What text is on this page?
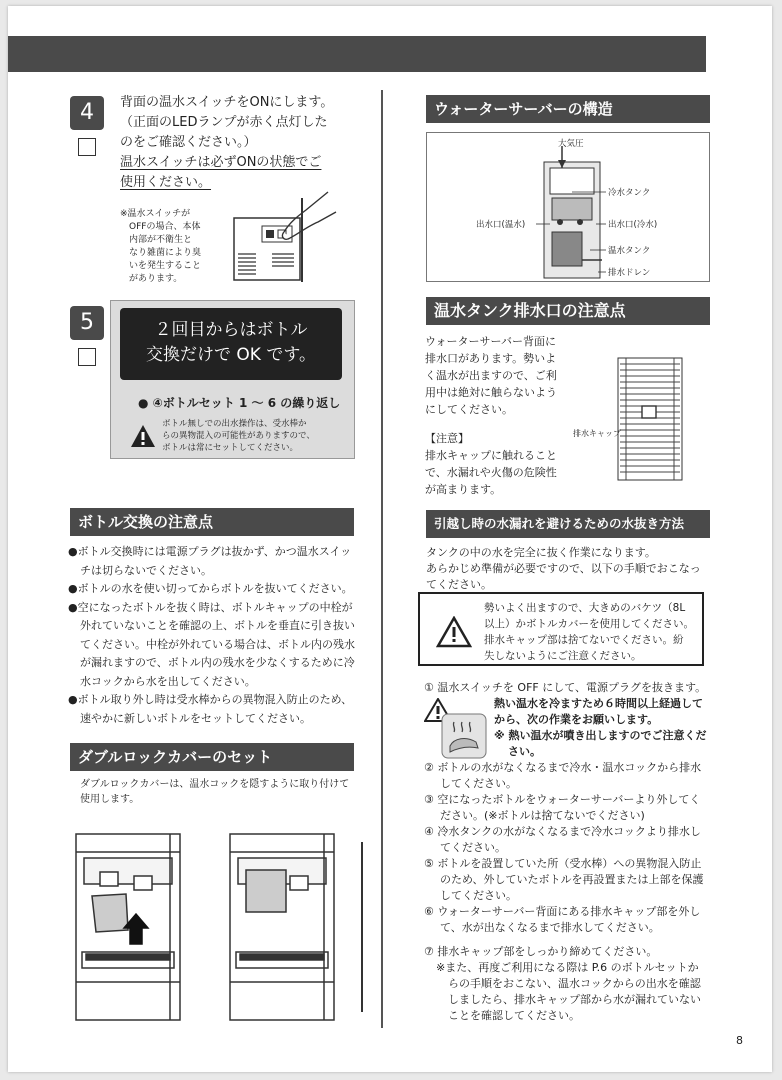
4	背面の温水スイッチをONにします。
（正面のLEDランプが赤く点灯した
のをご確認ください。）
温水スイッチは必ずONの状態でご
使用ください。
※温水スイッチが
OFFの場合、本体
内部が不衛生と
なり雑菌により臭
いを発生すること
があります。
5	２回目からはボトル
交換だけで OK です。
● ④ボトルセット 1 〜 6 の繰り返し
ボトル無しでの出水操作は、受水棒か
らの異物混入の可能性がありますので、
ボトルは常にセットしてください。
ボトル交換の注意点
●ボトル交換時には電源プラグは抜かず、かつ温水スイッ
チは切らないでください。
●ボトルの水を使い切ってからボトルを抜いてください。
●空になったボトルを抜く時は、ボトルキャップの中栓が
外れていないことを確認の上、ボトルを垂直に引き抜い
てください。中栓が外れている場合は、ボトル内の残水
が漏れますので、ボトル内の残水を少なくするために冷
水コックから水を出してください。
●ボトル取り外し時は受水棒からの異物混入防止のため、
速やかに新しいボトルをセットしてください。
ダブルロックカバーのセット
ダブルロックカバーは、温水コックを隠すように取り付けて
使用します。
ウォーターサーバーの構造
大気圧
冷水タンク
出水口(温水)	出水口(冷水)
温水タンク
排水ドレン
温水タンク排水口の注意点
ウォーターサーバー背面に
排水口があります。勢いよ
く温水が出ますので、ご利
用中は絶対に触らないよう
にしてください。
【注意】
排水キャップに触れること
で、水漏れや火傷の危険性
が高まります。
排水キャップ
引越し時の水漏れを避けるための水抜き方法
タンクの中の水を完全に抜く作業になります。
あらかじめ準備が必要ですので、以下の手順でおこなっ
てください。
勢いよく出ますので、大きめのバケツ（8L
以上）かボトルカバーを使用してください。
排水キャップ部は捨てないでください。紛
失しないようにご注意ください。
① 温水スイッチを OFF にして、電源プラグを抜きます。
熱い温水を冷ますため６時間以上経過して
から、次の作業をお願いします。
※ 熱い温水が噴き出しますのでご注意くだ
さい。
② ボトルの水がなくなるまで冷水・温水コックから排水
してください。
③ 空になったボトルをウォーターサーバーより外してく
ださい。(※ボトルは捨てないでください)
④ 冷水タンクの水がなくなるまで冷水コックより排水し
てください。
⑤ ボトルを設置していた所（受水棒）への異物混入防止
のため、外していたボトルを再設置または上部を保護
してください。
⑥ ウォーターサーバー背面にある排水キャップ部を外し
て、水が出なくなるまで排水してください。
⑦ 排水キャップ部をしっかり締めてください。
※また、再度ご利用になる際は P.6 のボトルセットか
らの手順をおこない、温水コックからの出水を確認
しましたら、排水キャップ部から水が漏れていない
ことを確認してください。
8
